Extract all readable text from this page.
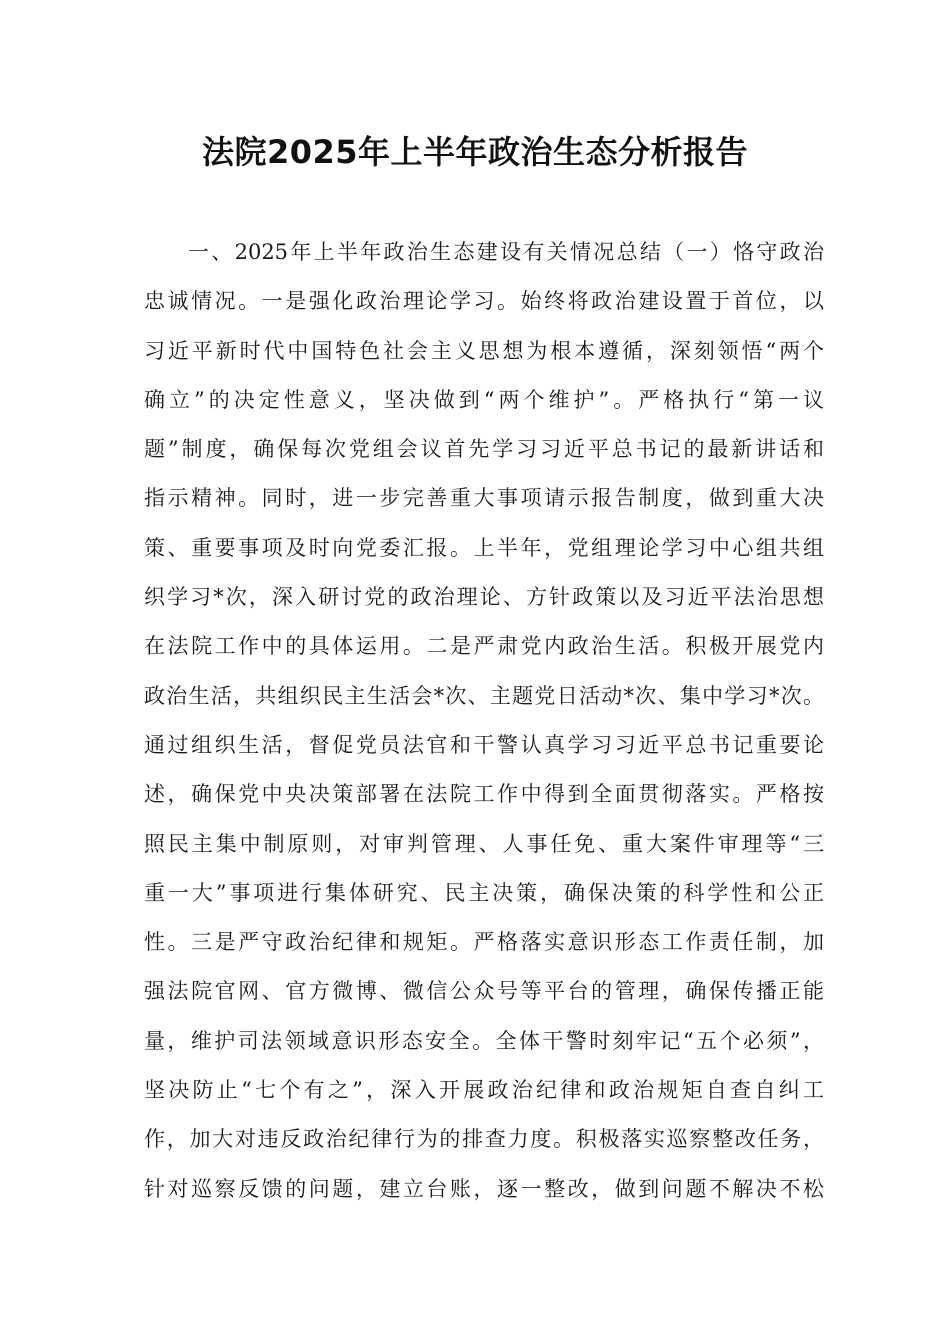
法院2025年上半年政治生态分析报告
一、2025年上半年政治生态建设有关情况总结（一）恪守政治
忠诚情况。一是强化政治理论学习。始终将政治建设置于首位，以
习近平新时代中国特色社会主义思想为根本遵循，深刻领悟“两个
确立”的决定性意义，坚决做到“两个维护”。严格执行“第一议
题”制度，确保每次党组会议首先学习习近平总书记的最新讲话和
指示精神。同时，进一步完善重大事项请示报告制度，做到重大决
策、重要事项及时向党委汇报。上半年，党组理论学习中心组共组
织学习*次，深入研讨党的政治理论、方针政策以及习近平法治思想
在法院工作中的具体运用。二是严肃党内政治生活。积极开展党内
政治生活，共组织民主生活会*次、主题党日活动*次、集中学习*次。
通过组织生活，督促党员法官和干警认真学习习近平总书记重要论
述，确保党中央决策部署在法院工作中得到全面贯彻落实。严格按
照民主集中制原则，对审判管理、人事任免、重大案件审理等“三
重一大”事项进行集体研究、民主决策，确保决策的科学性和公正
性。三是严守政治纪律和规矩。严格落实意识形态工作责任制，加
强法院官网、官方微博、微信公众号等平台的管理，确保传播正能
量，维护司法领域意识形态安全。全体干警时刻牢记“五个必须”，
坚决防止“七个有之”，深入开展政治纪律和政治规矩自查自纠工
作，加大对违反政治纪律行为的排查力度。积极落实巡察整改任务，
针对巡察反馈的问题，建立台账，逐一整改，做到问题不解决不松
